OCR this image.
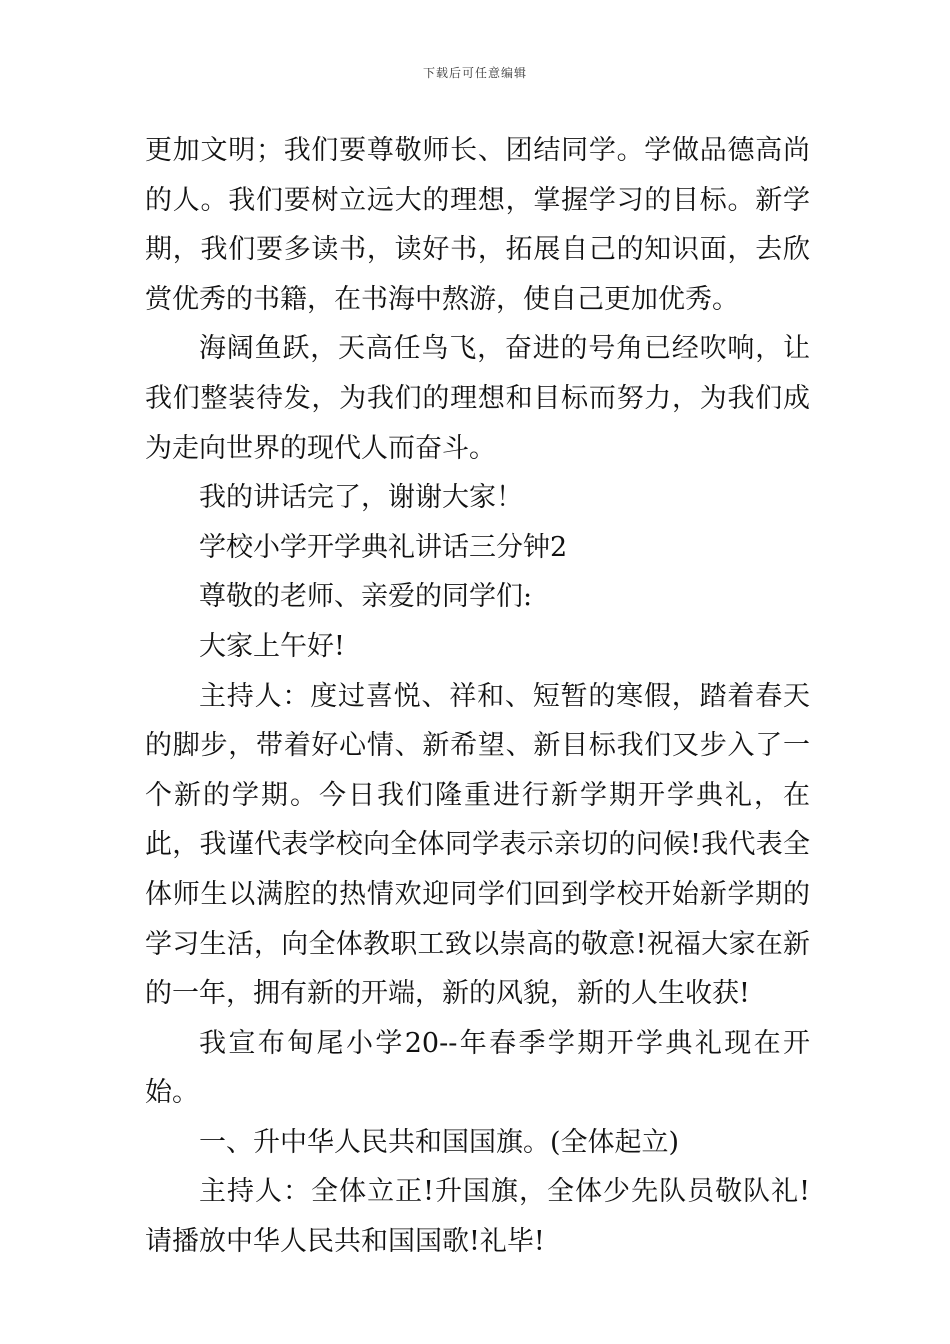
下载后可任意编辑

更加文明；我们要尊敬师长、团结同学。学做品德高尚的人。我们要树立远大的理想，掌握学习的目标。新学期，我们要多读书，读好书，拓展自己的知识面，去欣赏优秀的书籍，在书海中熬游，使自己更加优秀。

海阔鱼跃，天高任鸟飞，奋进的号角已经吹响，让我们整装待发，为我们的理想和目标而努力，为我们成为走向世界的现代人而奋斗。

我的讲话完了，谢谢大家！

学校小学开学典礼讲话三分钟2

尊敬的老师、亲爱的同学们:

大家上午好!

主持人：度过喜悦、祥和、短暂的寒假，踏着春天的脚步，带着好心情、新希望、新目标我们又步入了一个新的学期。今日我们隆重进行新学期开学典礼，在此，我谨代表学校向全体同学表示亲切的问候!我代表全体师生以满腔的热情欢迎同学们回到学校开始新学期的学习生活，向全体教职工致以崇高的敬意!祝福大家在新的一年，拥有新的开端，新的风貌，新的人生收获!

我宣布甸尾小学20--年春季学期开学典礼现在开始。

一、升中华人民共和国国旗。(全体起立)

主持人：全体立正!升国旗，全体少先队员敬队礼!请播放中华人民共和国国歌!礼毕!
